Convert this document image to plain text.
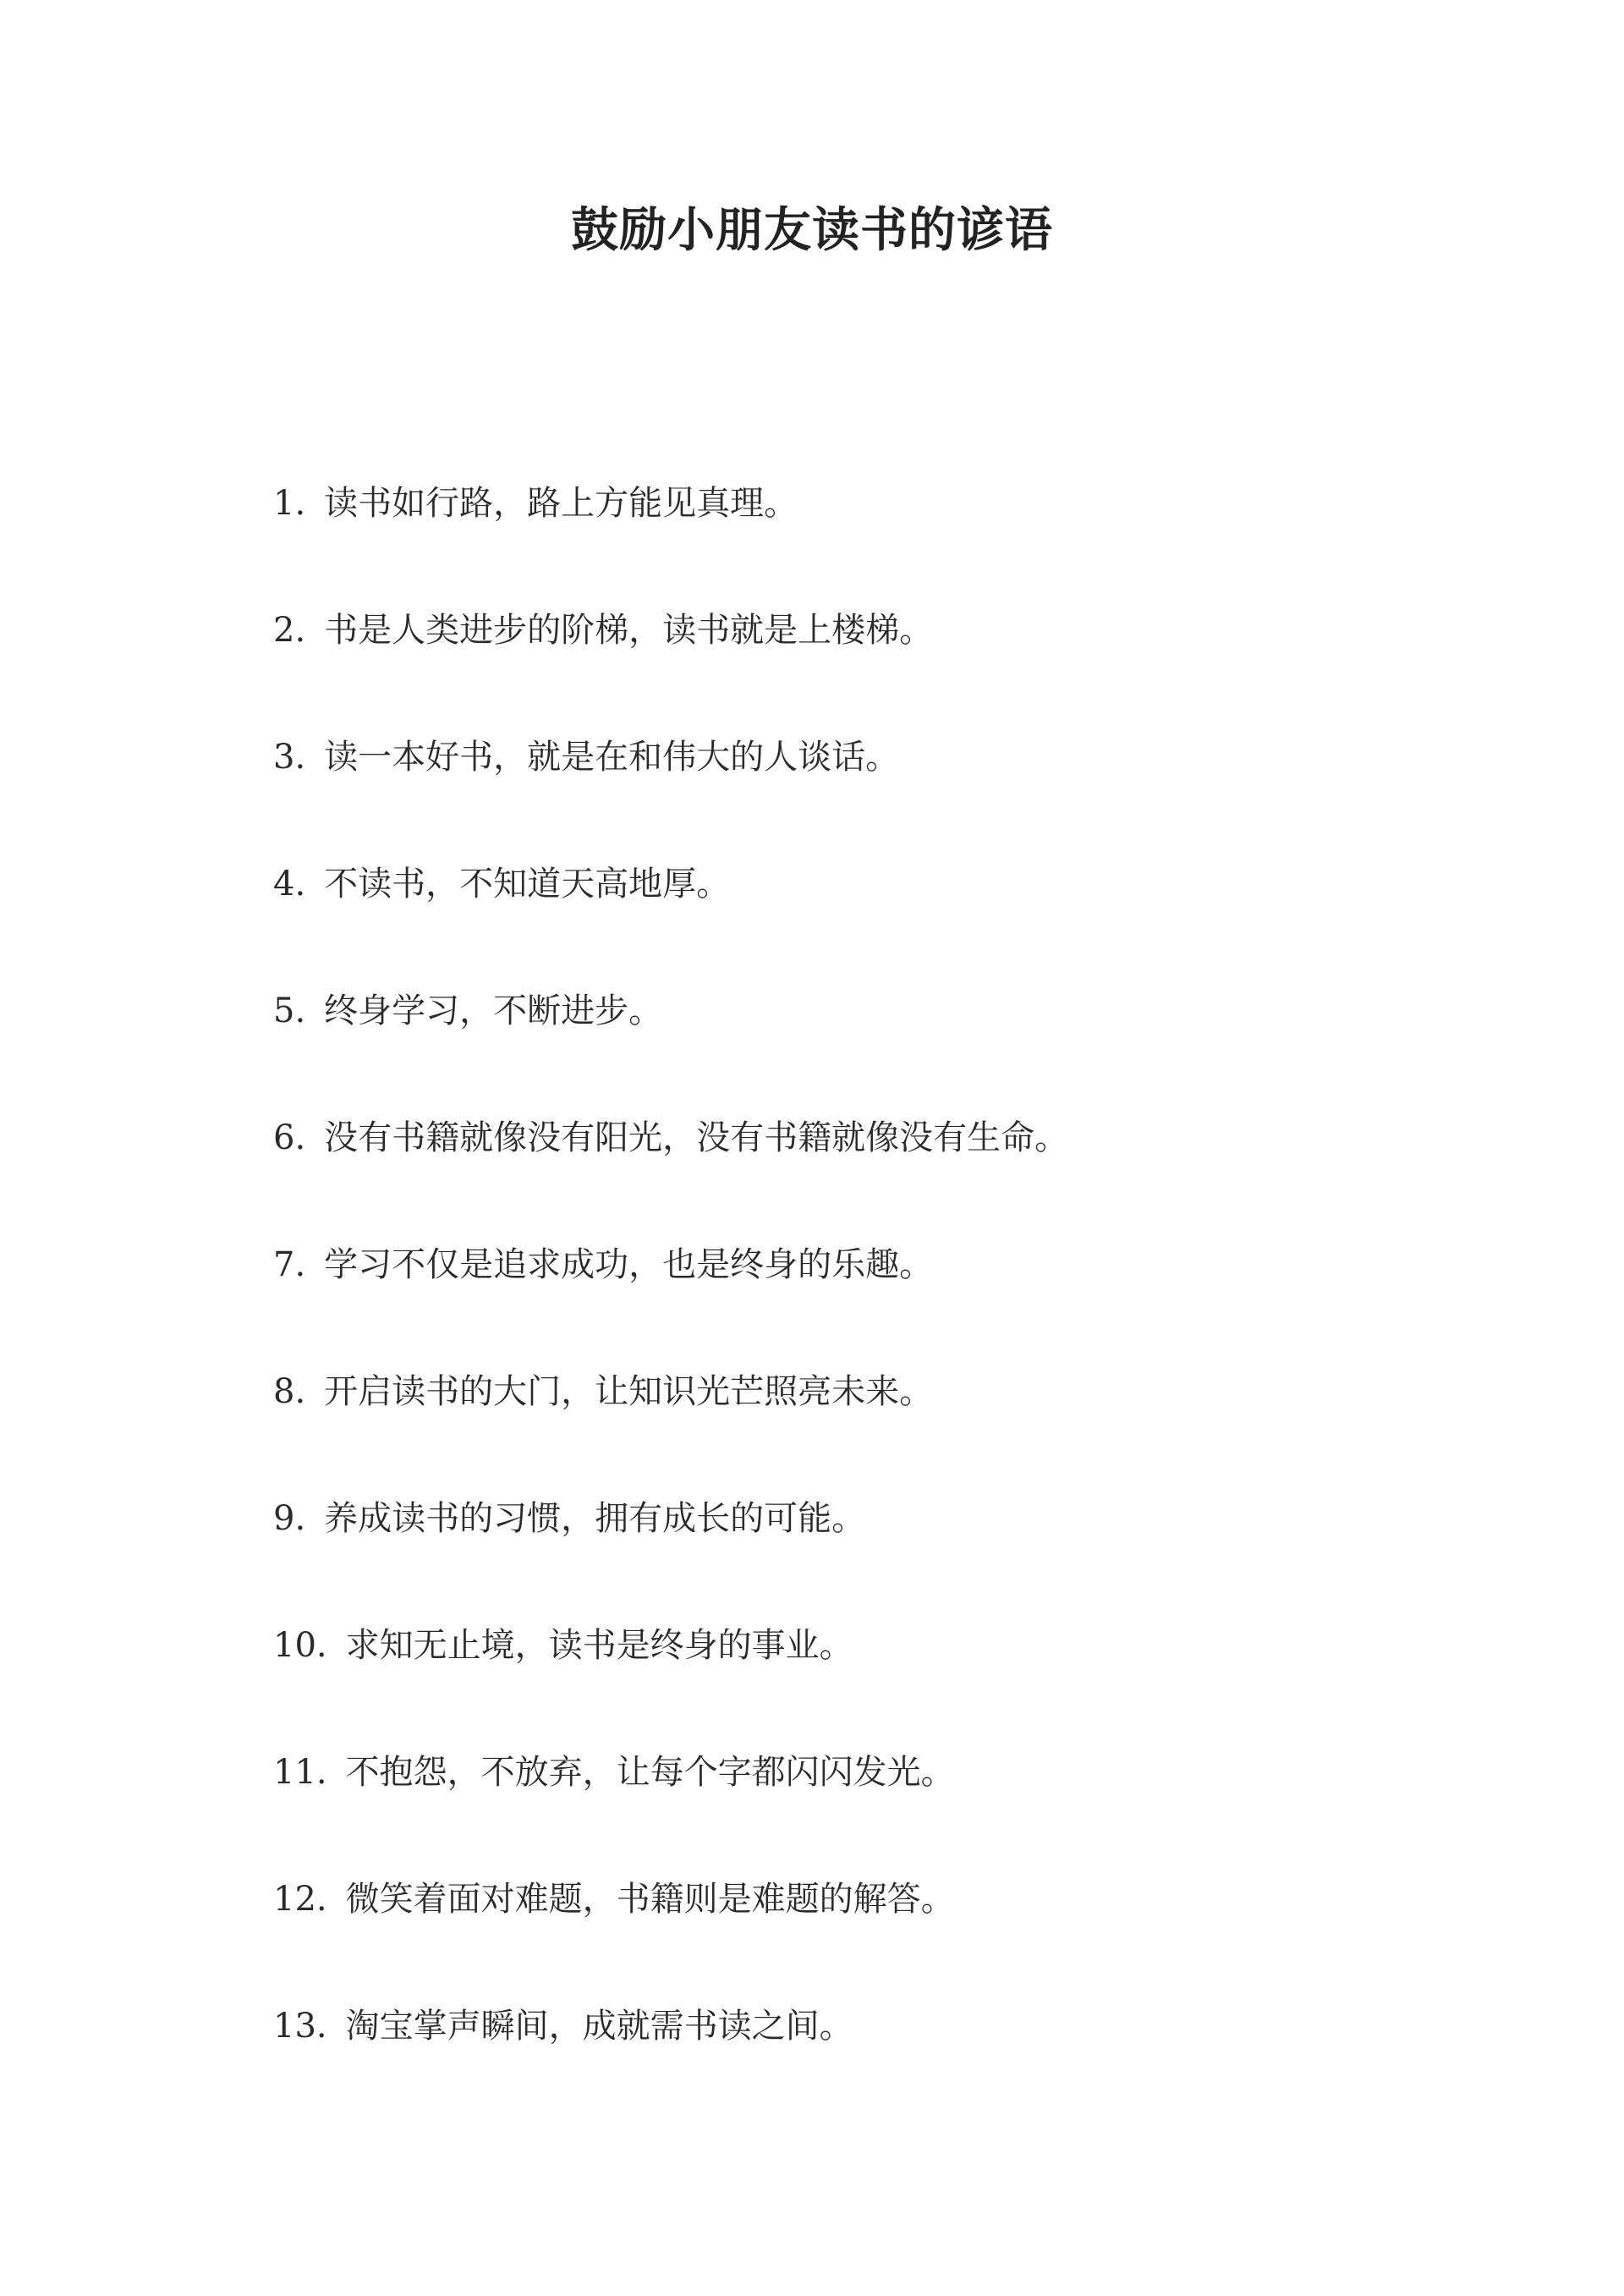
鼓励小朋友读书的谚语
1. 读书如行路，路上方能见真理。
2. 书是人类进步的阶梯，读书就是上楼梯。
3. 读一本好书，就是在和伟大的人谈话。
4. 不读书，不知道天高地厚。
5. 终身学习，不断进步。
6. 没有书籍就像没有阳光，没有书籍就像没有生命。
7. 学习不仅是追求成功，也是终身的乐趣。
8. 开启读书的大门，让知识光芒照亮未来。
9. 养成读书的习惯，拥有成长的可能。
10. 求知无止境，读书是终身的事业。
11. 不抱怨，不放弃，让每个字都闪闪发光。
12. 微笑着面对难题，书籍则是难题的解答。
13. 淘宝掌声瞬间，成就需书读之间。
